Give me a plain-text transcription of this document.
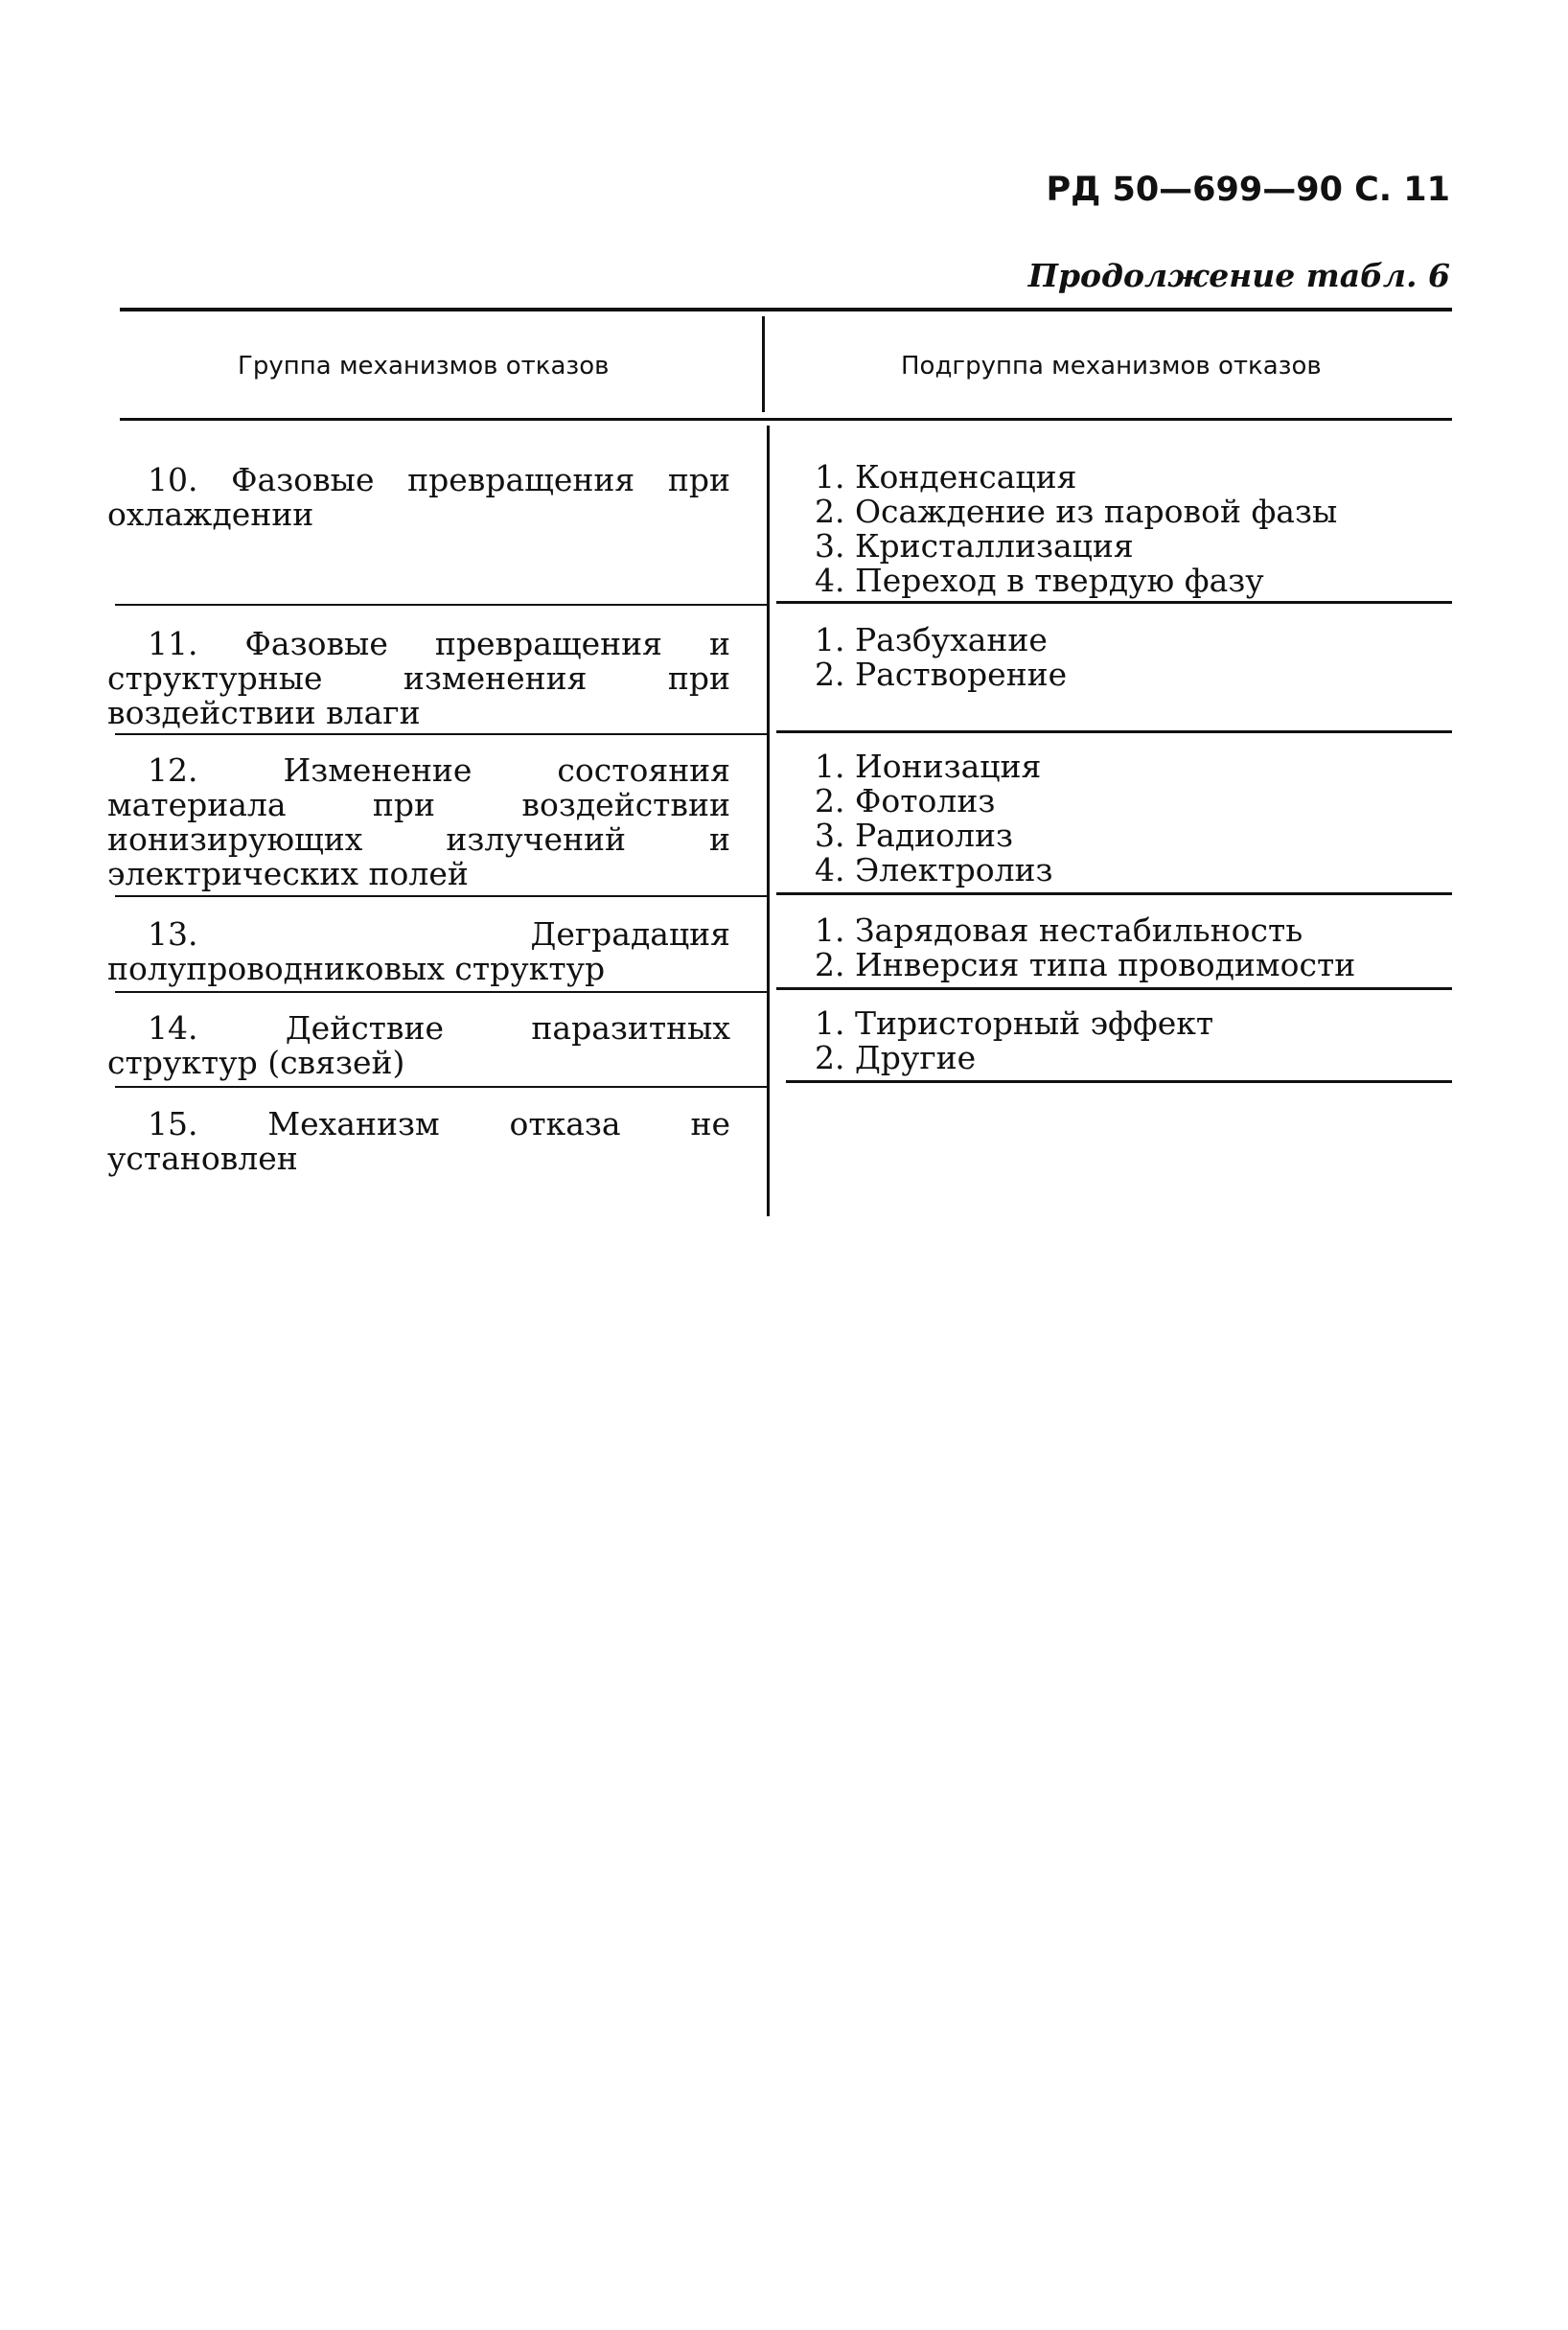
РД 50—699—90 С. 11
Продолжение табл. 6
Группа механизмов отказов	Подгруппа механизмов отказов
10. Фазовые превращения при охлаждении
1. Конденсация
2. Осаждение из паровой фазы
3. Кристаллизация
4. Переход в твердую фазу
11. Фазовые превращения и структурные изменения при воздействии влаги
1. Разбухание
2. Растворение
12. Изменение состояния материала при воздействии ионизирующих излучений и электрических полей
1. Ионизация
2. Фотолиз
3. Радиолиз
4. Электролиз
13. Деградация полупроводниковых структур
1. Зарядовая нестабильность
2. Инверсия типа проводимости
14. Действие паразитных структур (связей)
1. Тиристорный эффект
2. Другие
15. Механизм отказа не установлен
